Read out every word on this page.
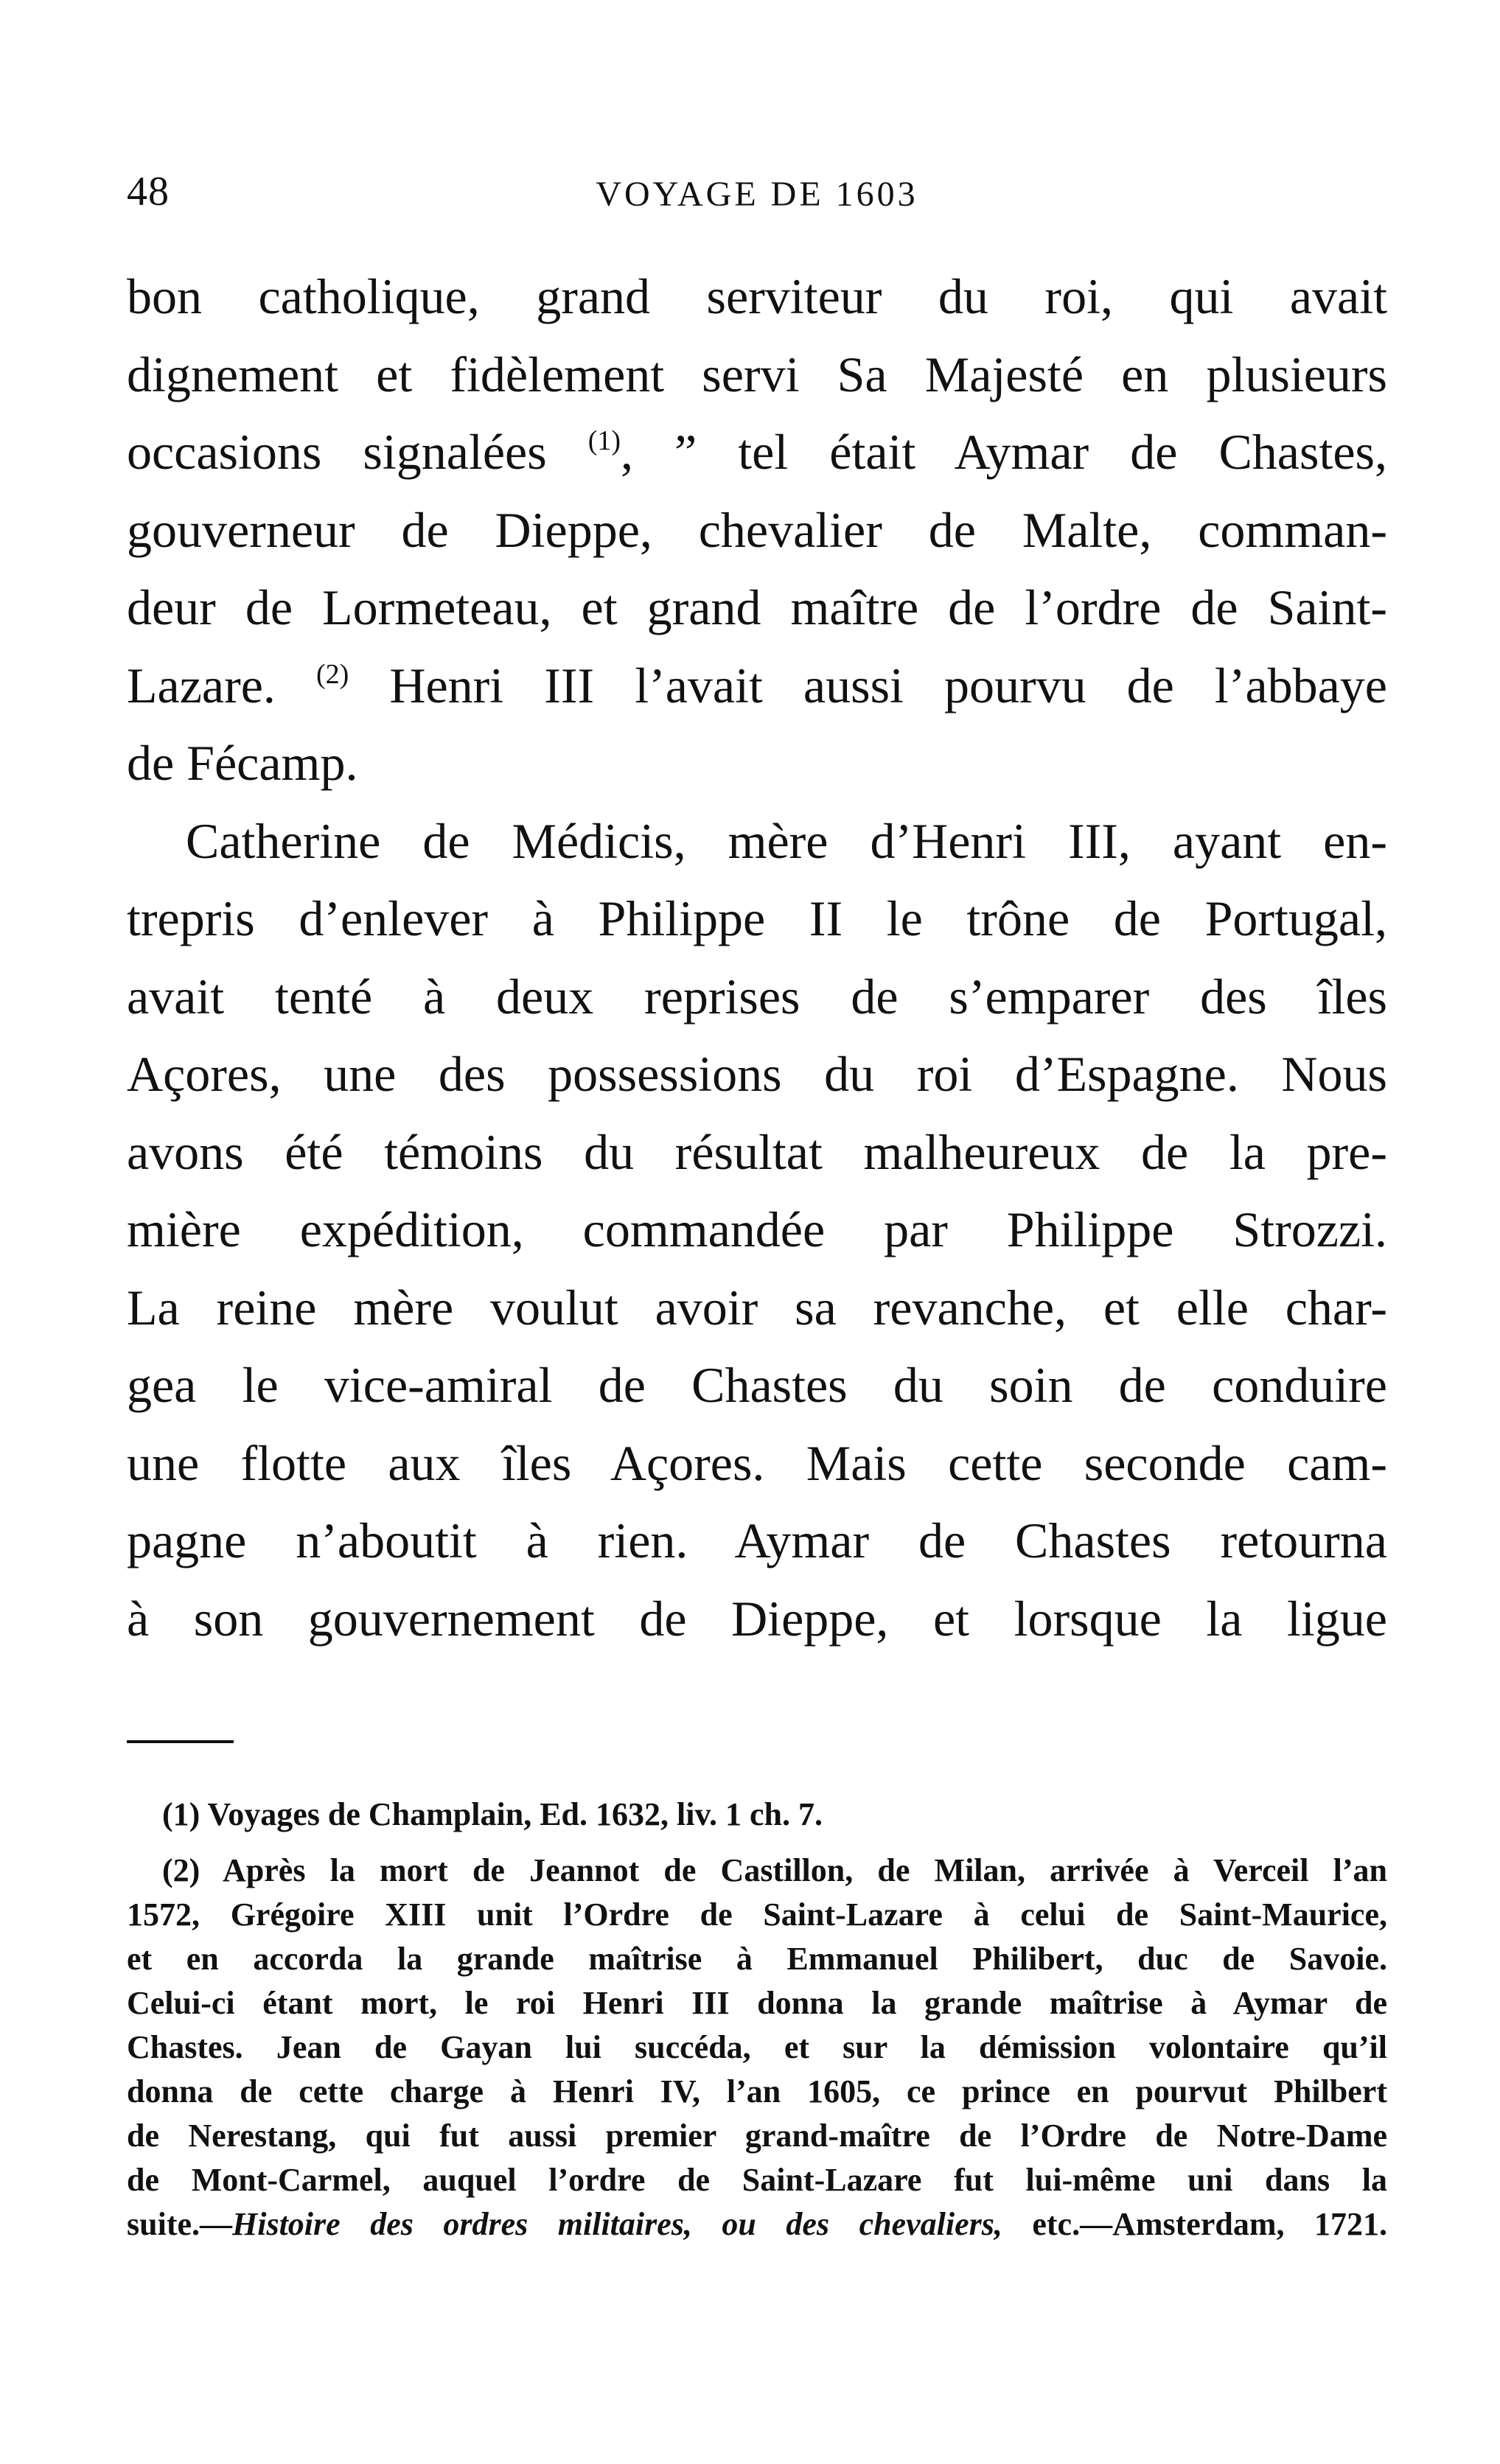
48	VOYAGE DE 1603
bon catholique, grand serviteur du roi, qui avait
dignement et fidèlement servi Sa Majesté en plusieurs
occasions signalées $^{(1)}$, ” tel était Aymar de Chastes,
gouverneur de Dieppe, chevalier de Malte, comman-
deur de Lormeteau, et grand maître de l’ordre de Saint-
Lazare. $^{(2)}$ Henri III l’avait aussi pourvu de l’abbaye
de Fécamp.
Catherine de Médicis, mère d’Henri III, ayant en-
trepris d’enlever à Philippe II le trône de Portugal,
avait tenté à deux reprises de s’emparer des îles
Açores, une des possessions du roi d’Espagne. Nous
avons été témoins du résultat malheureux de la pre-
mière expédition, commandée par Philippe Strozzi.
La reine mère voulut avoir sa revanche, et elle char-
gea le vice-amiral de Chastes du soin de conduire
une flotte aux îles Açores. Mais cette seconde cam-
pagne n’aboutit à rien. Aymar de Chastes retourna
à son gouvernement de Dieppe, et lorsque la ligue
(1) Voyages de Champlain, Ed. 1632, liv. 1 ch. 7.
(2) Après la mort de Jeannot de Castillon, de Milan, arrivée à Verceil l’an
1572, Grégoire XIII unit l’Ordre de Saint-Lazare à celui de Saint-Maurice,
et en accorda la grande maîtrise à Emmanuel Philibert, duc de Savoie.
Celui-ci étant mort, le roi Henri III donna la grande maîtrise à Aymar de
Chastes. Jean de Gayan lui succéda, et sur la démission volontaire qu’il
donna de cette charge à Henri IV, l’an 1605, ce prince en pourvut Philbert
de Nerestang, qui fut aussi premier grand-maître de l’Ordre de Notre-Dame
de Mont-Carmel, auquel l’ordre de Saint-Lazare fut lui-même uni dans la
suite.—Histoire des ordres militaires, ou des chevaliers, etc.—Amsterdam, 1721.
